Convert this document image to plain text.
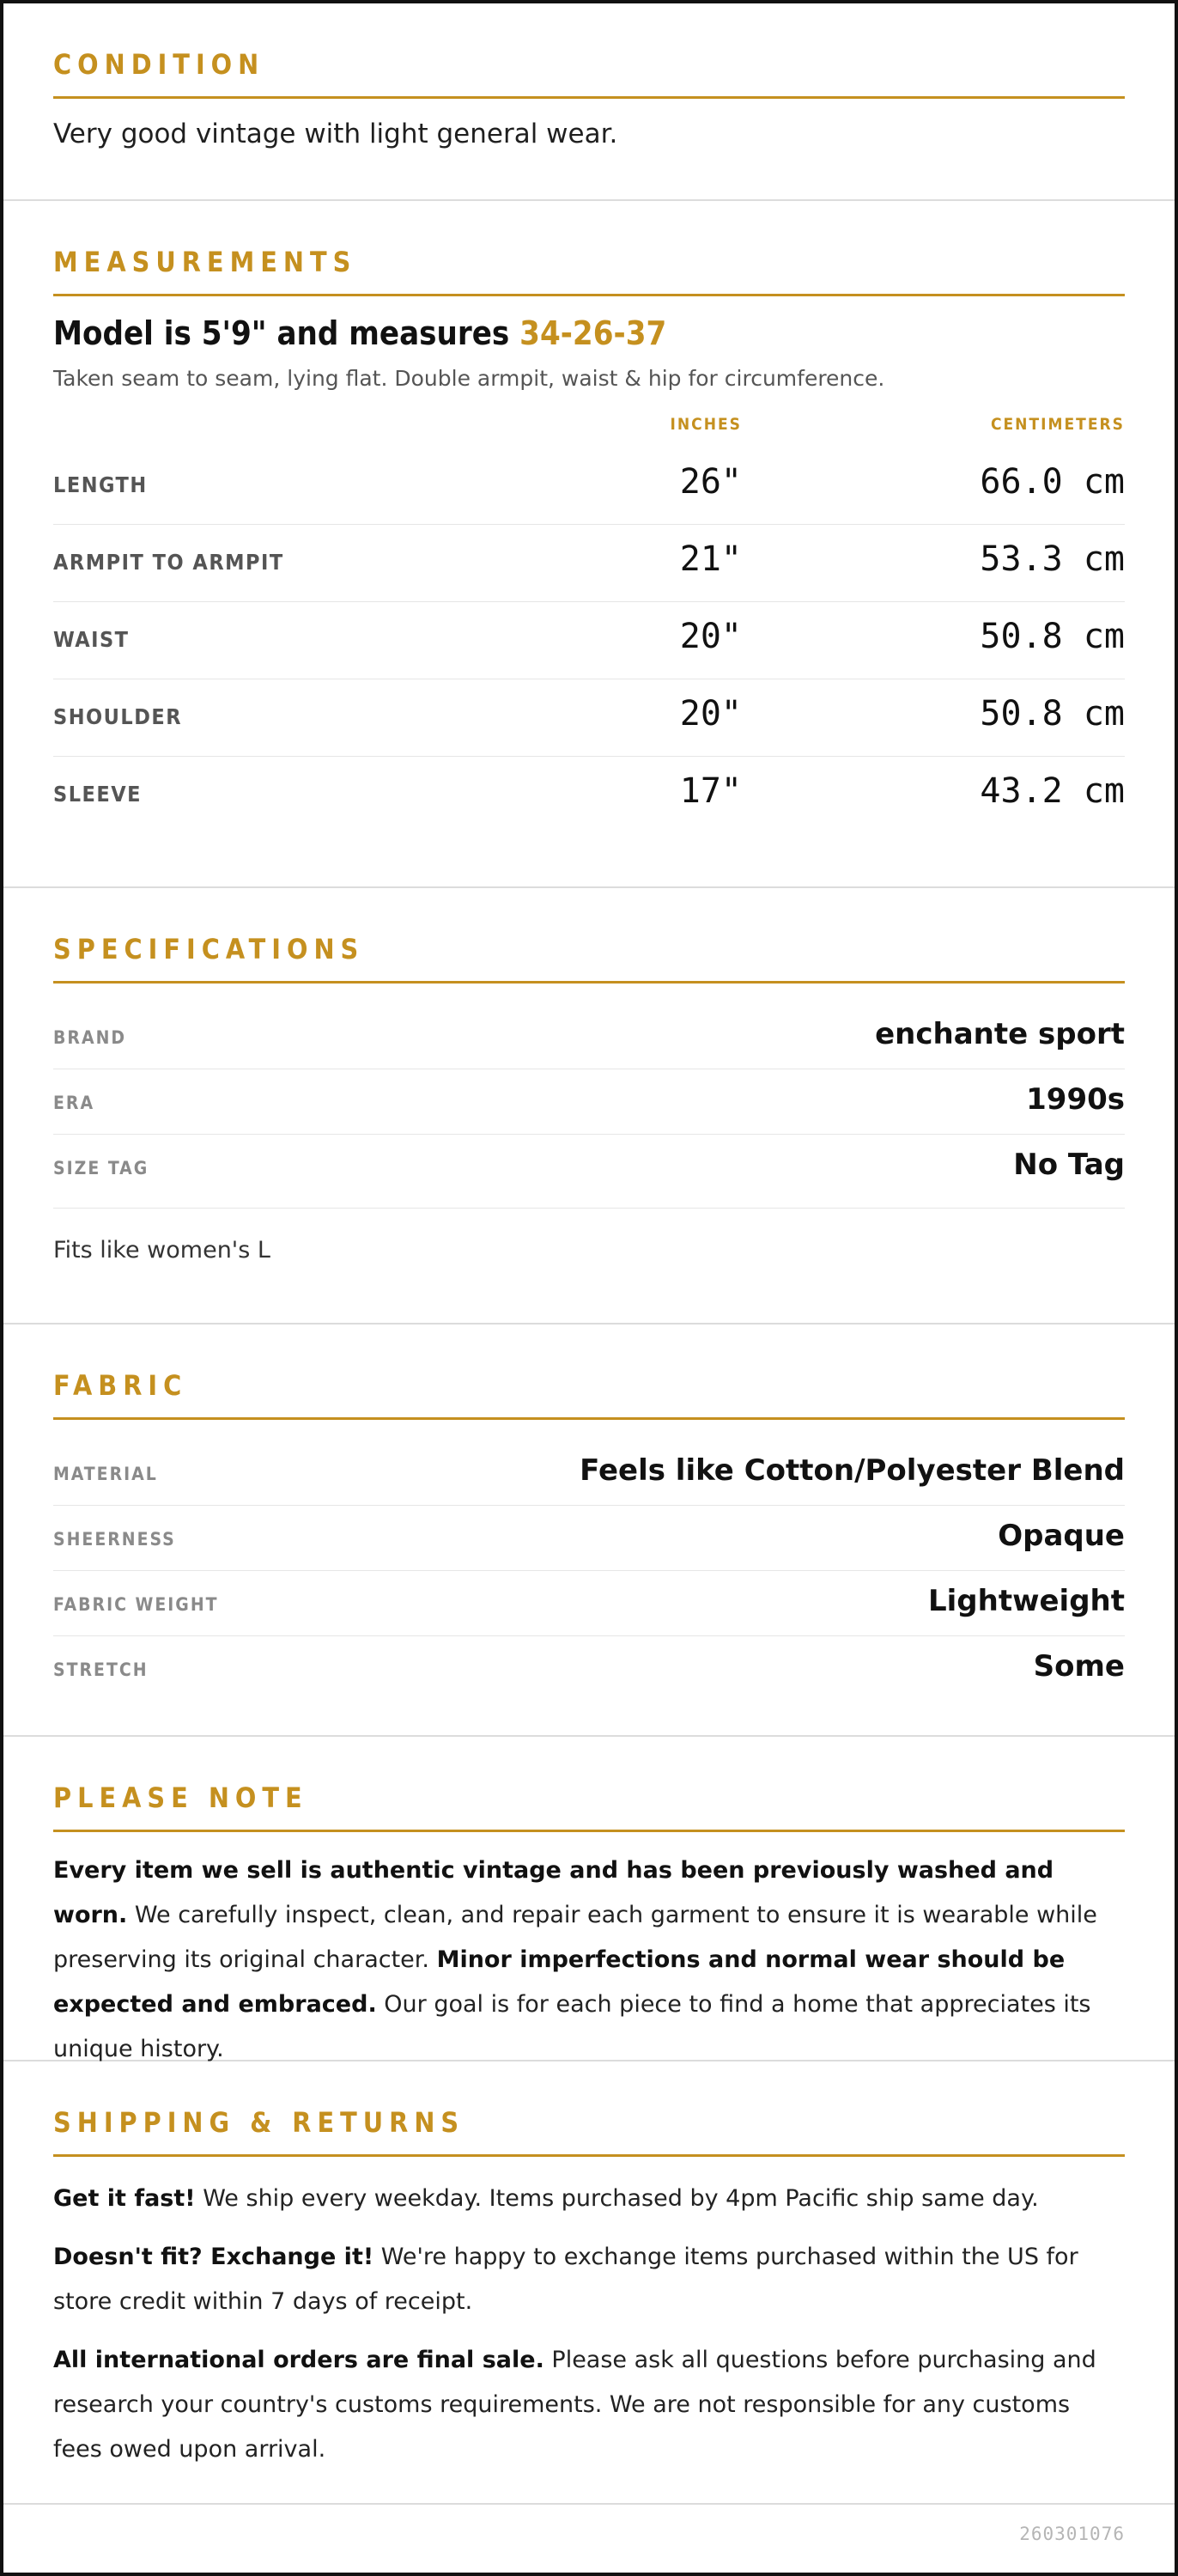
CONDITION
Very good vintage with light general wear.
MEASUREMENTS
Model is 5'9" and measures 34-26-37
Taken seam to seam, lying flat. Double armpit, waist & hip for circumference.
INCHES	CENTIMETERS
LENGTH	26"	66.0 cm
ARMPIT TO ARMPIT	21"	53.3 cm
WAIST	20"	50.8 cm
SHOULDER	20"	50.8 cm
SLEEVE	17"	43.2 cm
SPECIFICATIONS
BRAND	enchante sport
ERA	1990s
SIZE TAG	No Tag
Fits like women's L
FABRIC
MATERIAL	Feels like Cotton/Polyester Blend
SHEERNESS	Opaque
FABRIC WEIGHT	Lightweight
STRETCH	Some
PLEASE NOTE
Every item we sell is authentic vintage and has been previously washed and worn. We carefully inspect, clean, and repair each garment to ensure it is wearable while preserving its original character. Minor imperfections and normal wear should be expected and embraced. Our goal is for each piece to find a home that appreciates its unique history.
SHIPPING & RETURNS
Get it fast! We ship every weekday. Items purchased by 4pm Pacific ship same day.
Doesn't fit? Exchange it! We're happy to exchange items purchased within the US for store credit within 7 days of receipt.
All international orders are final sale. Please ask all questions before purchasing and research your country's customs requirements. We are not responsible for any customs fees owed upon arrival.
260301076
